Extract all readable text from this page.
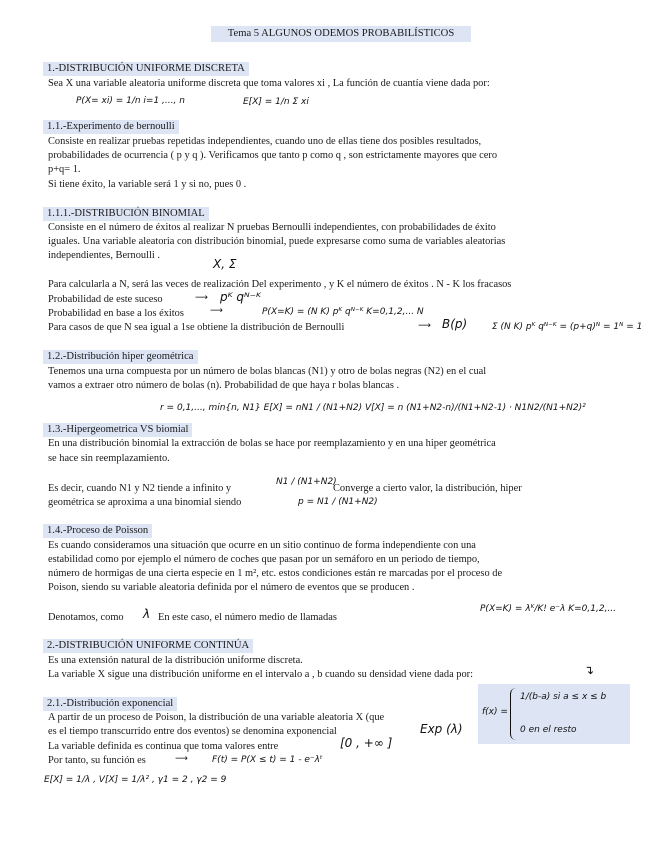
Tema 5 ALGUNOS ODEMOS PROBABILÍSTICOS
1.-DISTRIBUCIÓN UNIFORME DISCRETA
Sea X una variable aleatoria uniforme discreta que toma valores xi , La función de cuantía viene dada por:
P(X= xi) = 1/n i=1 ,..., n	E[X] = 1/n Σ xi
1.1.-Experimento de bernoulli
Consiste en realizar pruebas repetidas independientes, cuando uno de ellas tiene dos posibles resultados,
probabilidades de ocurrencia ( p y q ). Verificamos que tanto p como q , son estrictamente mayores que cero
p+q= 1.
Si tiene éxito, la variable será 1 y si no, pues 0 .
1.1.1.-DISTRIBUCIÓN BINOMIAL
Consiste en el número de éxitos al realizar N pruebas Bernoulli independientes, con probabilidades de éxito
iguales. Una variable aleatoria con distribución binomial, puede expresarse como suma de variables aleatorias
independientes, Bernoulli .
X, Σ
Para calcularla a N, será las veces de realización Del experimento , y K el número de éxitos . N - K los fracasos
Probabilidad de este suceso	⟶ pᴷ qᴺ⁻ᴷ
Probabilidad en base a los éxitos	⟶	P(X=K) = (N K) pᴷ qᴺ⁻ᴷ K=0,1,2,... N
Para casos de que N sea igual a 1se obtiene la distribución de Bernoulli	⟶ B(p)	Σ (N K) pᴷ qᴺ⁻ᴷ = (p+q)ᴺ = 1ᴺ = 1
1.2.-Distribución hiper geométrica
Tenemos una urna compuesta por un número de bolas blancas (N1) y otro de bolas negras (N2) en el cual
vamos a extraer otro número de bolas (n). Probabilidad de que haya r bolas blancas .
r = 0,1,..., min{n, N1} E[X] = nN1 / (N1+N2) V[X] = n (N1+N2-n)/(N1+N2-1) · N1N2/(N1+N2)²
1.3.-Hipergeometrica VS biomial
En una distribución binomial la extracción de bolas se hace por reemplazamiento y en una hiper geométrica
se hace sin reemplazamiento.
Es decir, cuando N1 y N2 tiende a infinito y
N1 / (N1+N2)
Converge a cierto valor, la distribución, hiper
geométrica se aproxima a una binomial siendo	p = N1 / (N1+N2)
1.4.-Proceso de Poisson
Es cuando consideramos una situación que ocurre en un sitio continuo de forma independiente con una
estabilidad como por ejemplo el número de coches que pasan por un semáforo en un periodo de tiempo,
número de hormigas de una cierta especie en 1 m², etc. estos condiciones están re marcadas por el proceso de
Poison, siendo su variable aleatoria definida por el número de eventos que se producen .
Denotamos, como λ En este caso, el número medio de llamadas
P(X=K) = λᴷ/K! e⁻λ K=0,1,2,...
2.-DISTRIBUCIÓN UNIFORME CONTINÚA
Es una extensión natural de la distribución uniforme discreta.
La variable X sigue una distribución uniforme en el intervalo a , b cuando su densidad viene dada por:	↴
2.1.-Distribución exponencial
A partir de un proceso de Poison, la distribución de una variable aleatoria X (que
es el tiempo transcurrido entre dos eventos) se denomina exponencial	Exp (λ)
La variable definida es continua que toma valores entre	[0 , +∞ ]
Por tanto, su función es	⟶	F(t) = P(X ≤ t) = 1 - e⁻λᵗ
E[X] = 1/λ , V[X] = 1/λ² , γ1 = 2 , γ2 = 9
f(x) =
1/(b-a) si a ≤ x ≤ b
0 en el resto
